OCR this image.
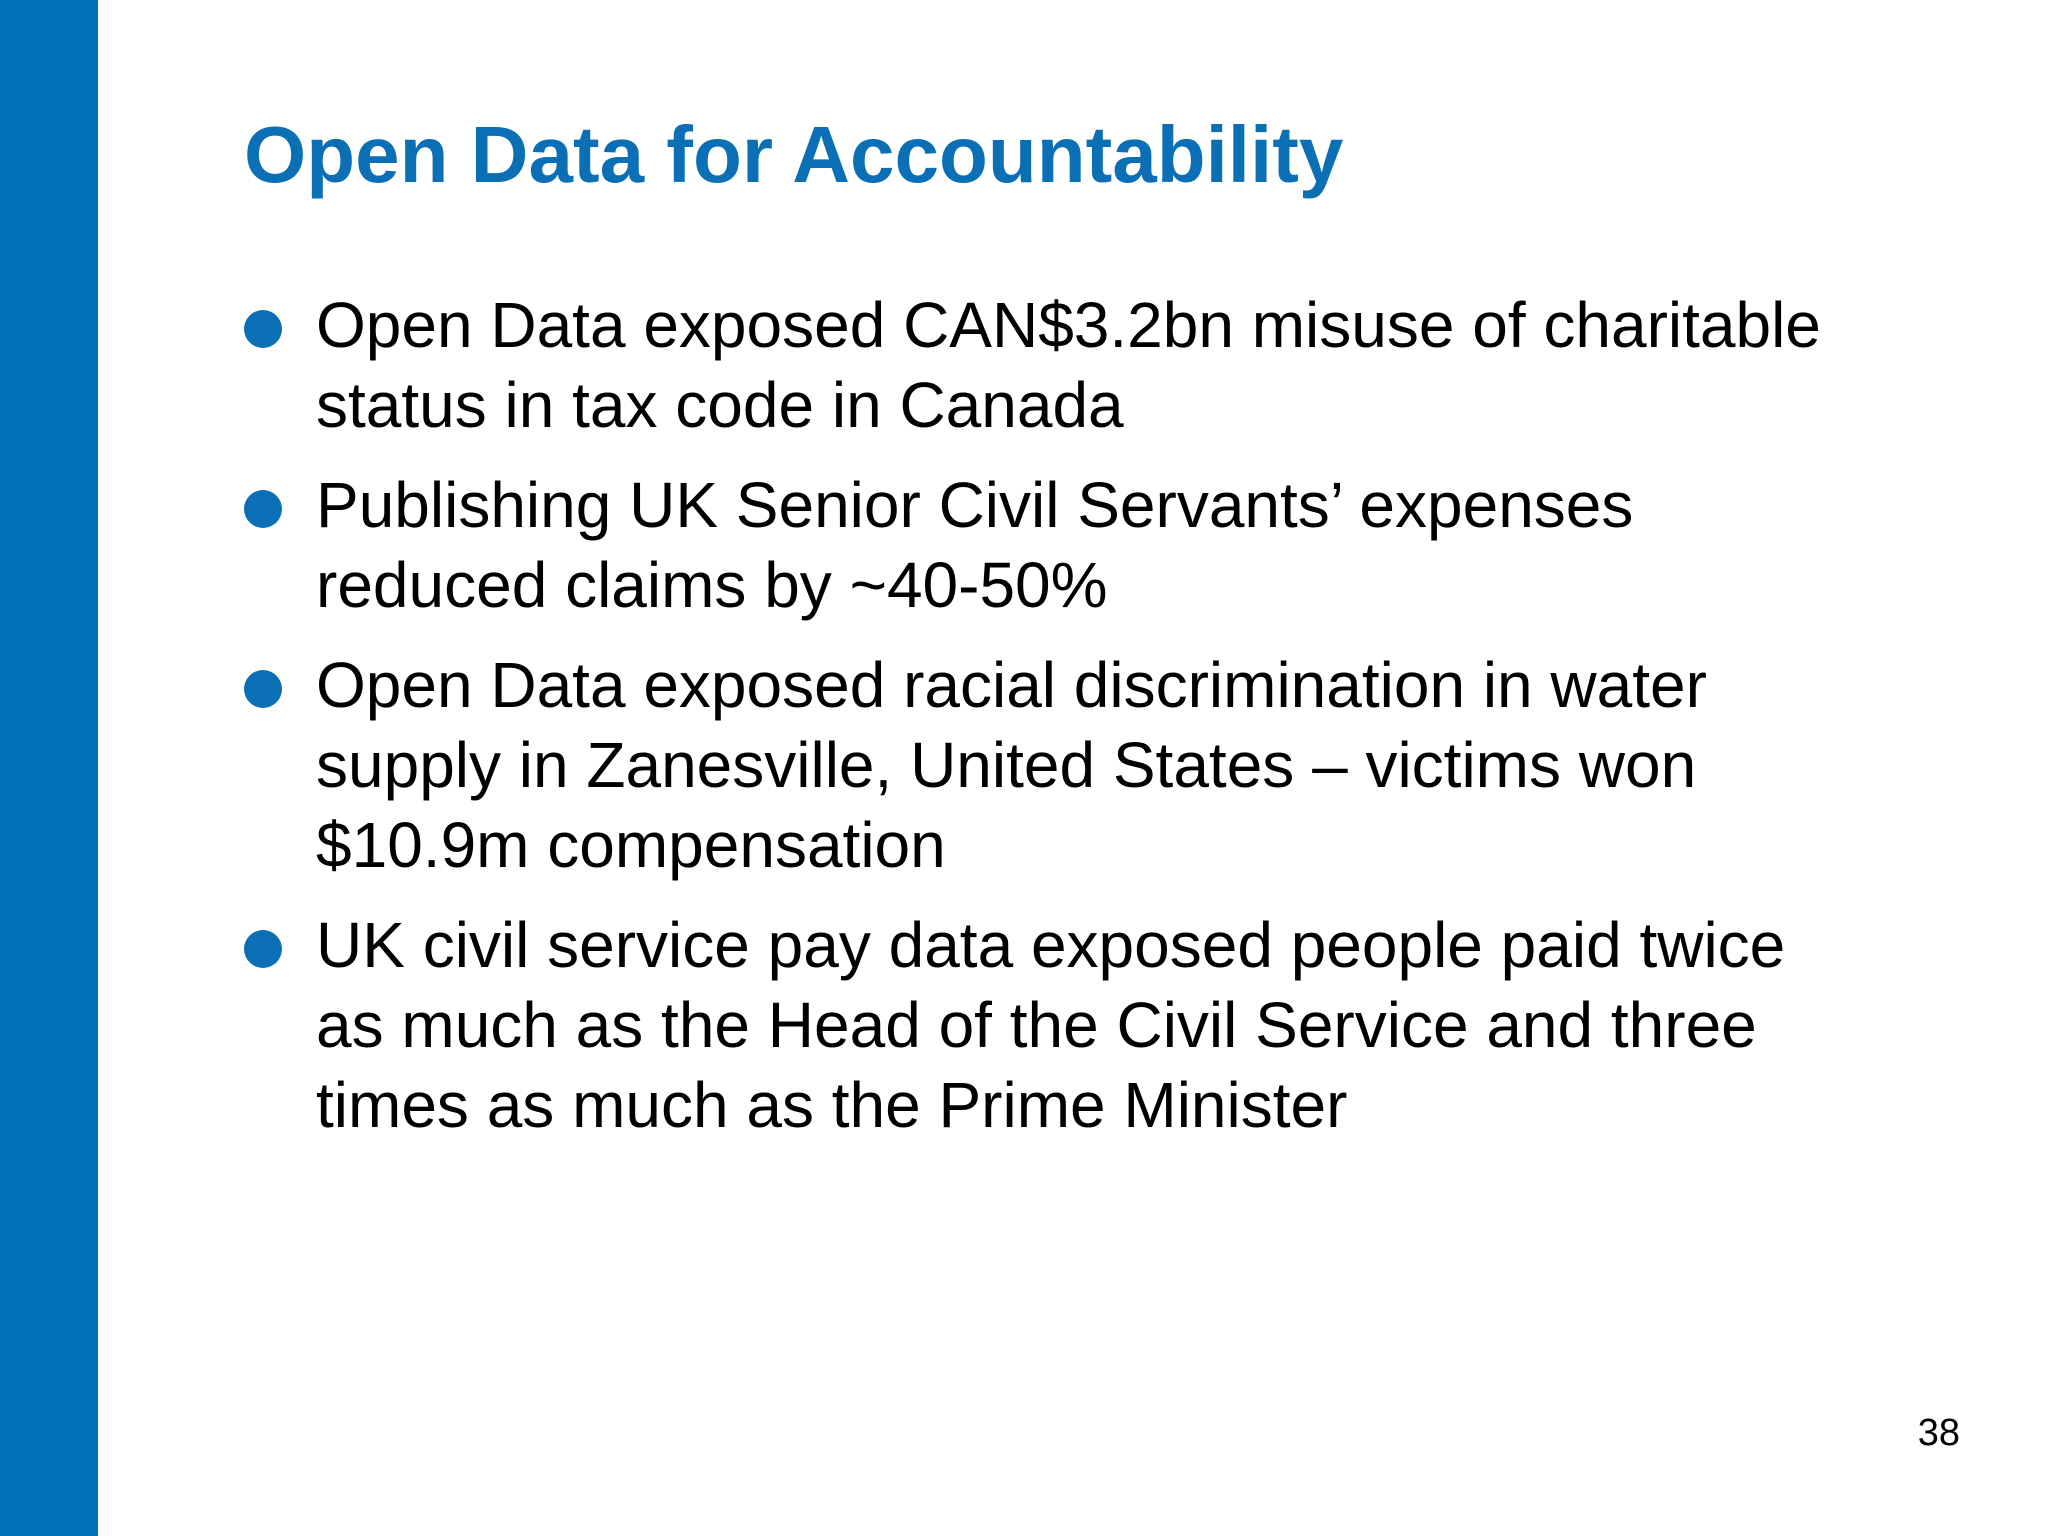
Open Data for Accountability
Open Data exposed CAN$3.2bn misuse of charitable
status in tax code in Canada
Publishing UK Senior Civil Servants’ expenses
reduced claims by ~40-50%
Open Data exposed racial discrimination in water
supply in Zanesville, United States – victims won
$10.9m compensation
UK civil service pay data exposed people paid twice
as much as the Head of the Civil Service and three
times as much as the Prime Minister
38
